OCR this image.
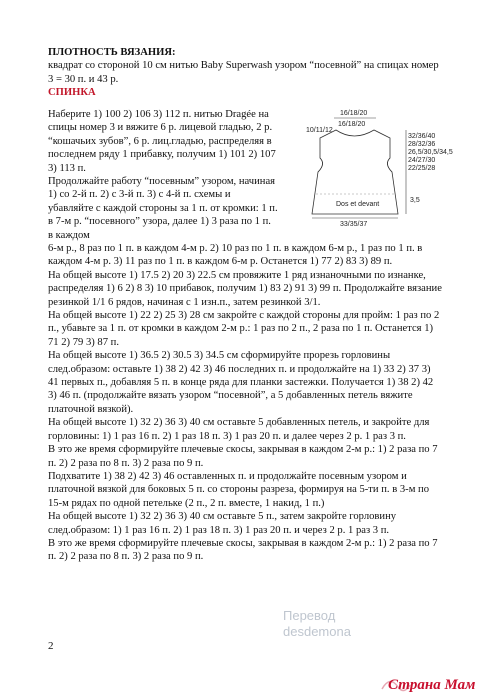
ПЛОТНОСТЬ ВЯЗАНИЯ:

квадрат со стороной 10 см нитью Baby Superwash узором “посевной” на спицах номер 3 = 30 п. и 43 р.

СПИНКА

Наберите 1) 100 2) 106 3) 112 п. нитью Dragée на спицы номер 3 и вяжите 6 р. лицевой гладью, 2 р. “кошачьих зубов”, 6 р. лиц.гладью, распределяя в последнем ряду 1 прибавку, получим 1) 101 2) 107 3) 113 п.

Продолжайте работу “посевным” узором, начиная 1) со 2-й п. 2) с 3-й п. 3) с 4-й п. схемы и убавляйте с каждой стороны за 1 п. от кромки: 1 п. в 7-м р. “посевного” узора, далее 1) 3 раза по 1 п. в каждом

6-м р., 8 раз по 1 п. в каждом 4-м р. 2) 10 раз по 1 п. в каждом 6-м р., 1 раз по 1 п. в каждом 4-м р. 3) 11 раз по 1 п. в каждом 6-м р. Останется 1) 77 2) 83 3) 89 п.

На общей высоте 1) 17.5 2) 20 3) 22.5 см провяжите 1 ряд изнаночными по изнанке, распределяя 1) 6 2) 8 3) 10 прибавок, получим 1) 83 2) 91 3) 99 п. Продолжайте вязание резинкой 1/1 6 рядов, начиная с 1 изн.п., затем резинкой 3/1.

На общей высоте 1) 22 2) 25 3) 28 см закройте с каждой стороны для пройм: 1 раз по 2 п., убавьте за 1 п. от кромки в каждом 2-м р.: 1 раз по 2 п., 2 раза по 1 п. Останется 1) 71 2) 79 3) 87 п.

На общей высоте 1) 36.5 2) 30.5 3) 34.5 см сформируйте прорезь горловины след.образом: оставьте 1) 38 2) 42 3) 46 последних п. и продолжайте на 1) 33 2) 37 3) 41 первых п., добавляя 5 п. в конце ряда для планки застежки. Получается 1) 38 2) 42 3) 46 п. (продолжайте вязать узором “посевной”, а 5 добавленных петель вяжите платочной вязкой).

На общей высоте 1) 32 2) 36 3) 40 см оставьте 5 добавленных петель, и закройте для горловины: 1) 1 раз 16 п. 2) 1 раз 18 п. 3) 1 раз 20 п. и далее через 2 р. 1 раз 3 п.

В это же время сформируйте плечевые скосы, закрывая в каждом 2-м р.: 1) 2 раза по 7 п. 2) 2 раза по 8 п. 3) 2 раза по 9 п.

Подхватите 1) 38 2) 42 3) 46 оставленных п. и продолжайте посевным узором и платочной вязкой для боковых 5 п. со стороны разреза, формируя на 5-ти п. в 3-м по 15-м рядах по одной петельке (2 п., 2 п. вместе, 1 накид, 1 п.)

На общей высоте 1) 32 2) 36 3) 40 см оставьте 5 п., затем закройте горловину след.образом: 1) 1 раз 16 п. 2) 1 раз 18 п. 3) 1 раз 20 п. и через 2 р. 1 раз 3 п.

В это же время сформируйте плечевые скосы, закрывая в каждом 2-м р.: 1) 2 раза по 7 п. 2) 2 раза по 8 п. 3) 2 раза по 9 п.

16/18/20
16/18/20
10/11/12
32/36/40
28/32/36
26,5/30,5/34,5
24/27/30
22/25/28
3,5
33/35/37
Dos et devant
Перевод
desdemona
2
Страна Мам
